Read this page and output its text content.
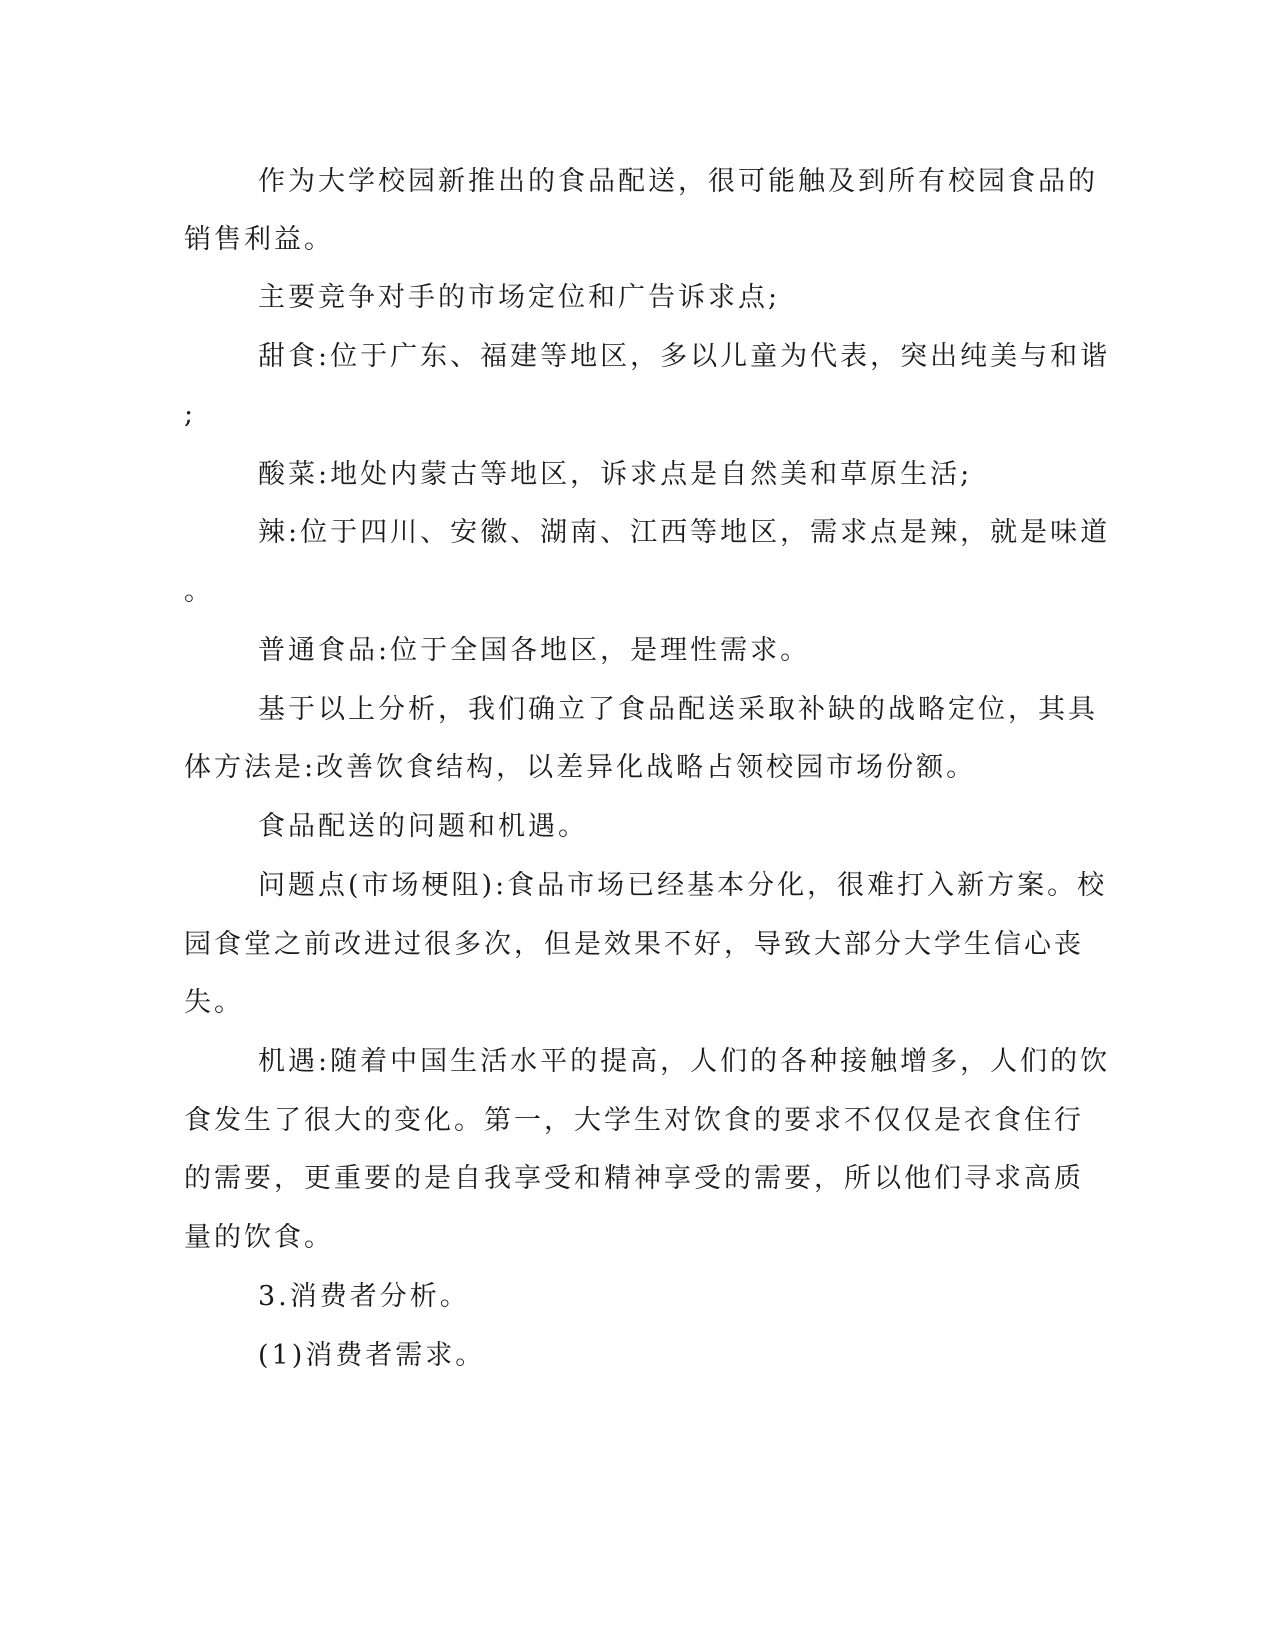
作为大学校园新推出的食品配送，很可能触及到所有校园食品的
销售利益。
主要竞争对手的市场定位和广告诉求点;
甜食:位于广东、福建等地区，多以儿童为代表，突出纯美与和谐
;
酸菜:地处内蒙古等地区，诉求点是自然美和草原生活;
辣:位于四川、安徽、湖南、江西等地区，需求点是辣，就是味道
。
普通食品:位于全国各地区，是理性需求。
基于以上分析，我们确立了食品配送采取补缺的战略定位，其具
体方法是:改善饮食结构，以差异化战略占领校园市场份额。
食品配送的问题和机遇。
问题点(市场梗阻):食品市场已经基本分化，很难打入新方案。校
园食堂之前改进过很多次，但是效果不好，导致大部分大学生信心丧
失。
机遇:随着中国生活水平的提高，人们的各种接触增多，人们的饮
食发生了很大的变化。第一，大学生对饮食的要求不仅仅是衣食住行
的需要，更重要的是自我享受和精神享受的需要，所以他们寻求高质
量的饮食。
3.消费者分析。
(1)消费者需求。
